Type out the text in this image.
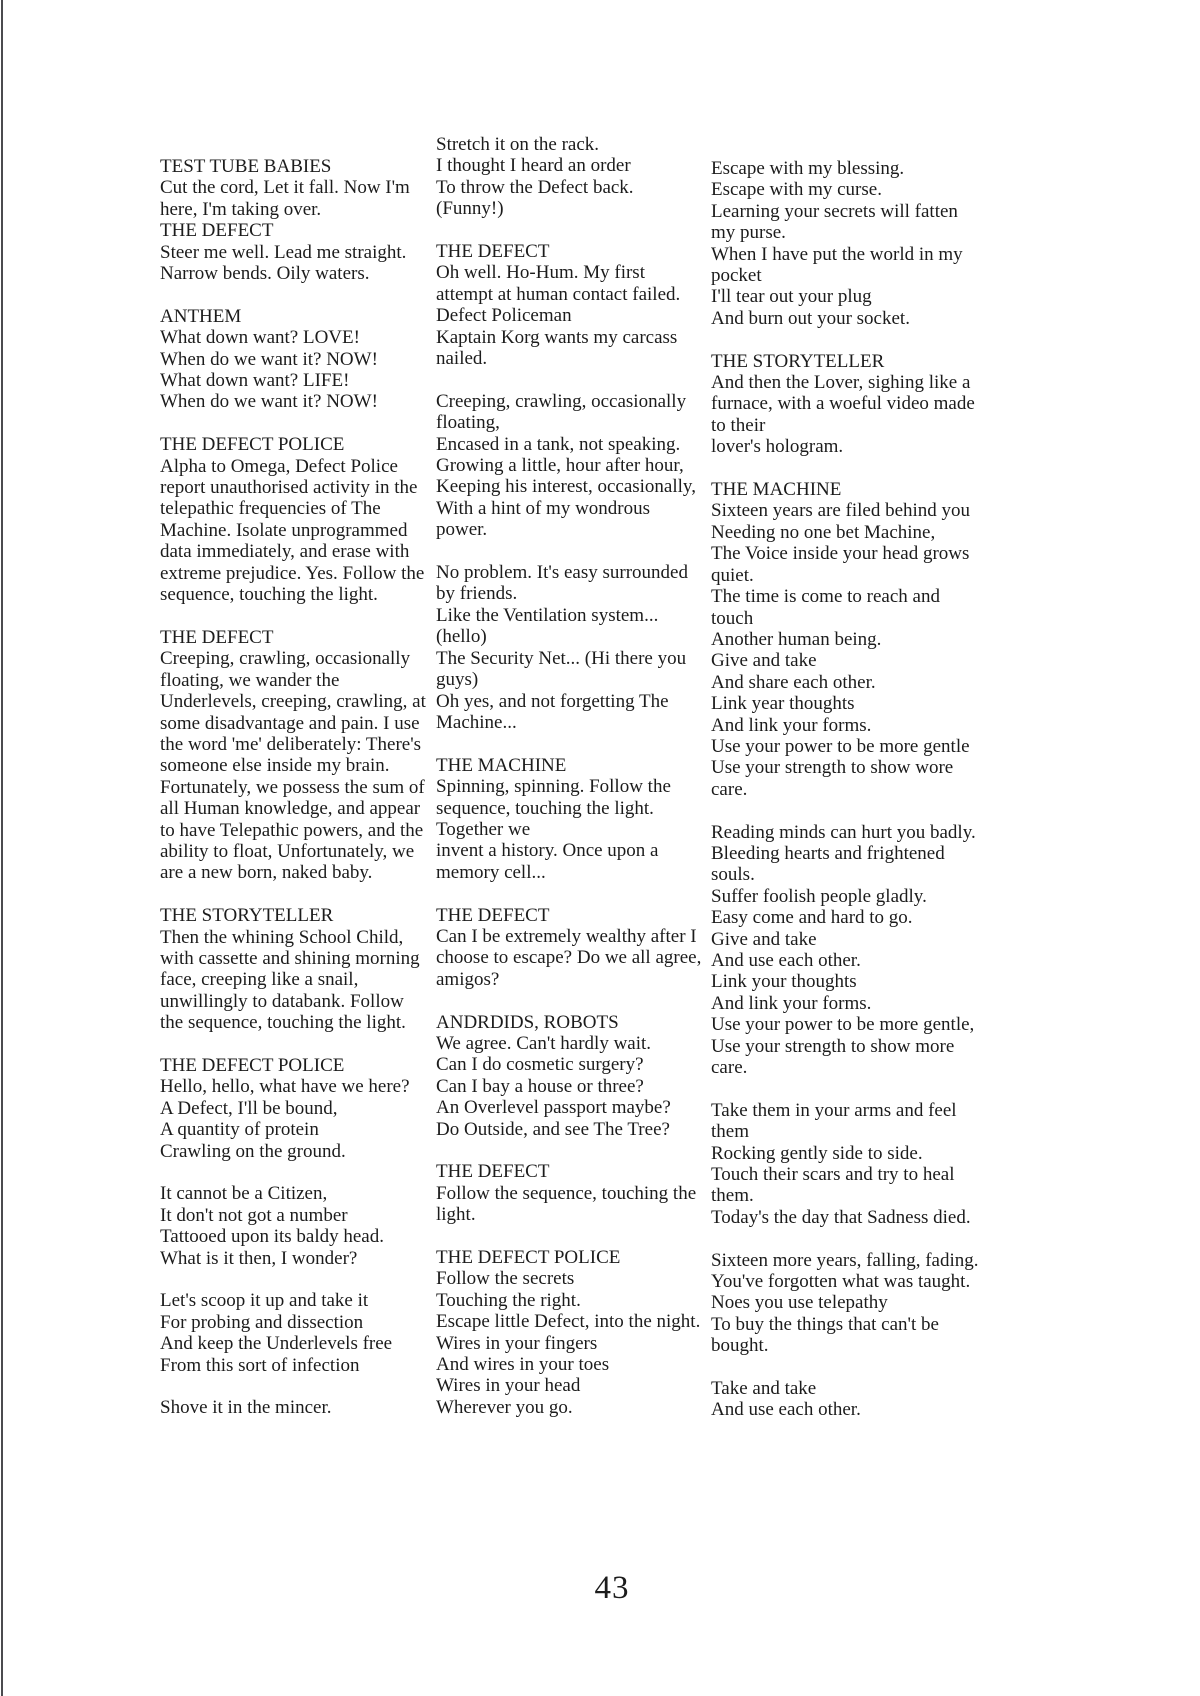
TEST TUBE BABIES
Cut the cord, Let it fall. Now I'm
here, I'm taking over.
THE DEFECT
Steer me well. Lead me straight.
Narrow bends. Oily waters.
ANTHEM
What down want? LOVE!
When do we want it? NOW!
What down want? LIFE!
When do we want it? NOW!
THE DEFECT POLICE
Alpha to Omega, Defect Police
report unauthorised activity in the
telepathic frequencies of The
Machine. Isolate unprogrammed
data immediately, and erase with
extreme prejudice. Yes. Follow the
sequence, touching the light.
THE DEFECT
Creeping, crawling, occasionally
floating, we wander the
Underlevels, creeping, crawling, at
some disadvantage and pain. I use
the word 'me' deliberately: There's
someone else inside my brain.
Fortunately, we possess the sum of
all Human knowledge, and appear
to have Telepathic powers, and the
ability to float, Unfortunately, we
are a new born, naked baby.
THE STORYTELLER
Then the whining School Child,
with cassette and shining morning
face, creeping like a snail,
unwillingly to databank. Follow
the sequence, touching the light.
THE DEFECT POLICE
Hello, hello, what have we here?
A Defect, I'll be bound,
A quantity of protein
Crawling on the ground.
It cannot be a Citizen,
It don't not got a number
Tattooed upon its baldy head.
What is it then, I wonder?
Let's scoop it up and take it
For probing and dissection
And keep the Underlevels free
From this sort of infection
Shove it in the mincer.
Stretch it on the rack.
I thought I heard an order
To throw the Defect back.
(Funny!)
THE DEFECT
Oh well. Ho-Hum. My first
attempt at human contact failed.
Defect Policeman
Kaptain Korg wants my carcass
nailed.
Creeping, crawling, occasionally
floating,
Encased in a tank, not speaking.
Growing a little, hour after hour,
Keeping his interest, occasionally,
With a hint of my wondrous
power.
No problem. It's easy surrounded
by friends.
Like the Ventilation system...
(hello)
The Security Net... (Hi there you
guys)
Oh yes, and not forgetting The
Machine...
THE MACHINE
Spinning, spinning. Follow the
sequence, touching the light.
Together we
invent a history. Once upon a
memory cell...
THE DEFECT
Can I be extremely wealthy after I
choose to escape? Do we all agree,
amigos?
ANDRDIDS, ROBOTS
We agree. Can't hardly wait.
Can I do cosmetic surgery?
Can I bay a house or three?
An Overlevel passport maybe?
Do Outside, and see The Tree?
THE DEFECT
Follow the sequence, touching the
light.
THE DEFECT POLICE
Follow the secrets
Touching the right.
Escape little Defect, into the night.
Wires in your fingers
And wires in your toes
Wires in your head
Wherever you go.
Escape with my blessing.
Escape with my curse.
Learning your secrets will fatten
my purse.
When I have put the world in my
pocket
I'll tear out your plug
And burn out your socket.
THE STORYTELLER
And then the Lover, sighing like a
furnace, with a woeful video made
to their
lover's hologram.
THE MACHINE
Sixteen years are filed behind you
Needing no one bet Machine,
The Voice inside your head grows
quiet.
The time is come to reach and
touch
Another human being.
Give and take
And share each other.
Link year thoughts
And link your forms.
Use your power to be more gentle
Use your strength to show wore
care.
Reading minds can hurt you badly.
Bleeding hearts and frightened
souls.
Suffer foolish people gladly.
Easy come and hard to go.
Give and take
And use each other.
Link your thoughts
And link your forms.
Use your power to be more gentle,
Use your strength to show more
care.
Take them in your arms and feel
them
Rocking gently side to side.
Touch their scars and try to heal
them.
Today's the day that Sadness died.
Sixteen more years, falling, fading.
You've forgotten what was taught.
Noes you use telepathy
To buy the things that can't be
bought.
Take and take
And use each other.
43
